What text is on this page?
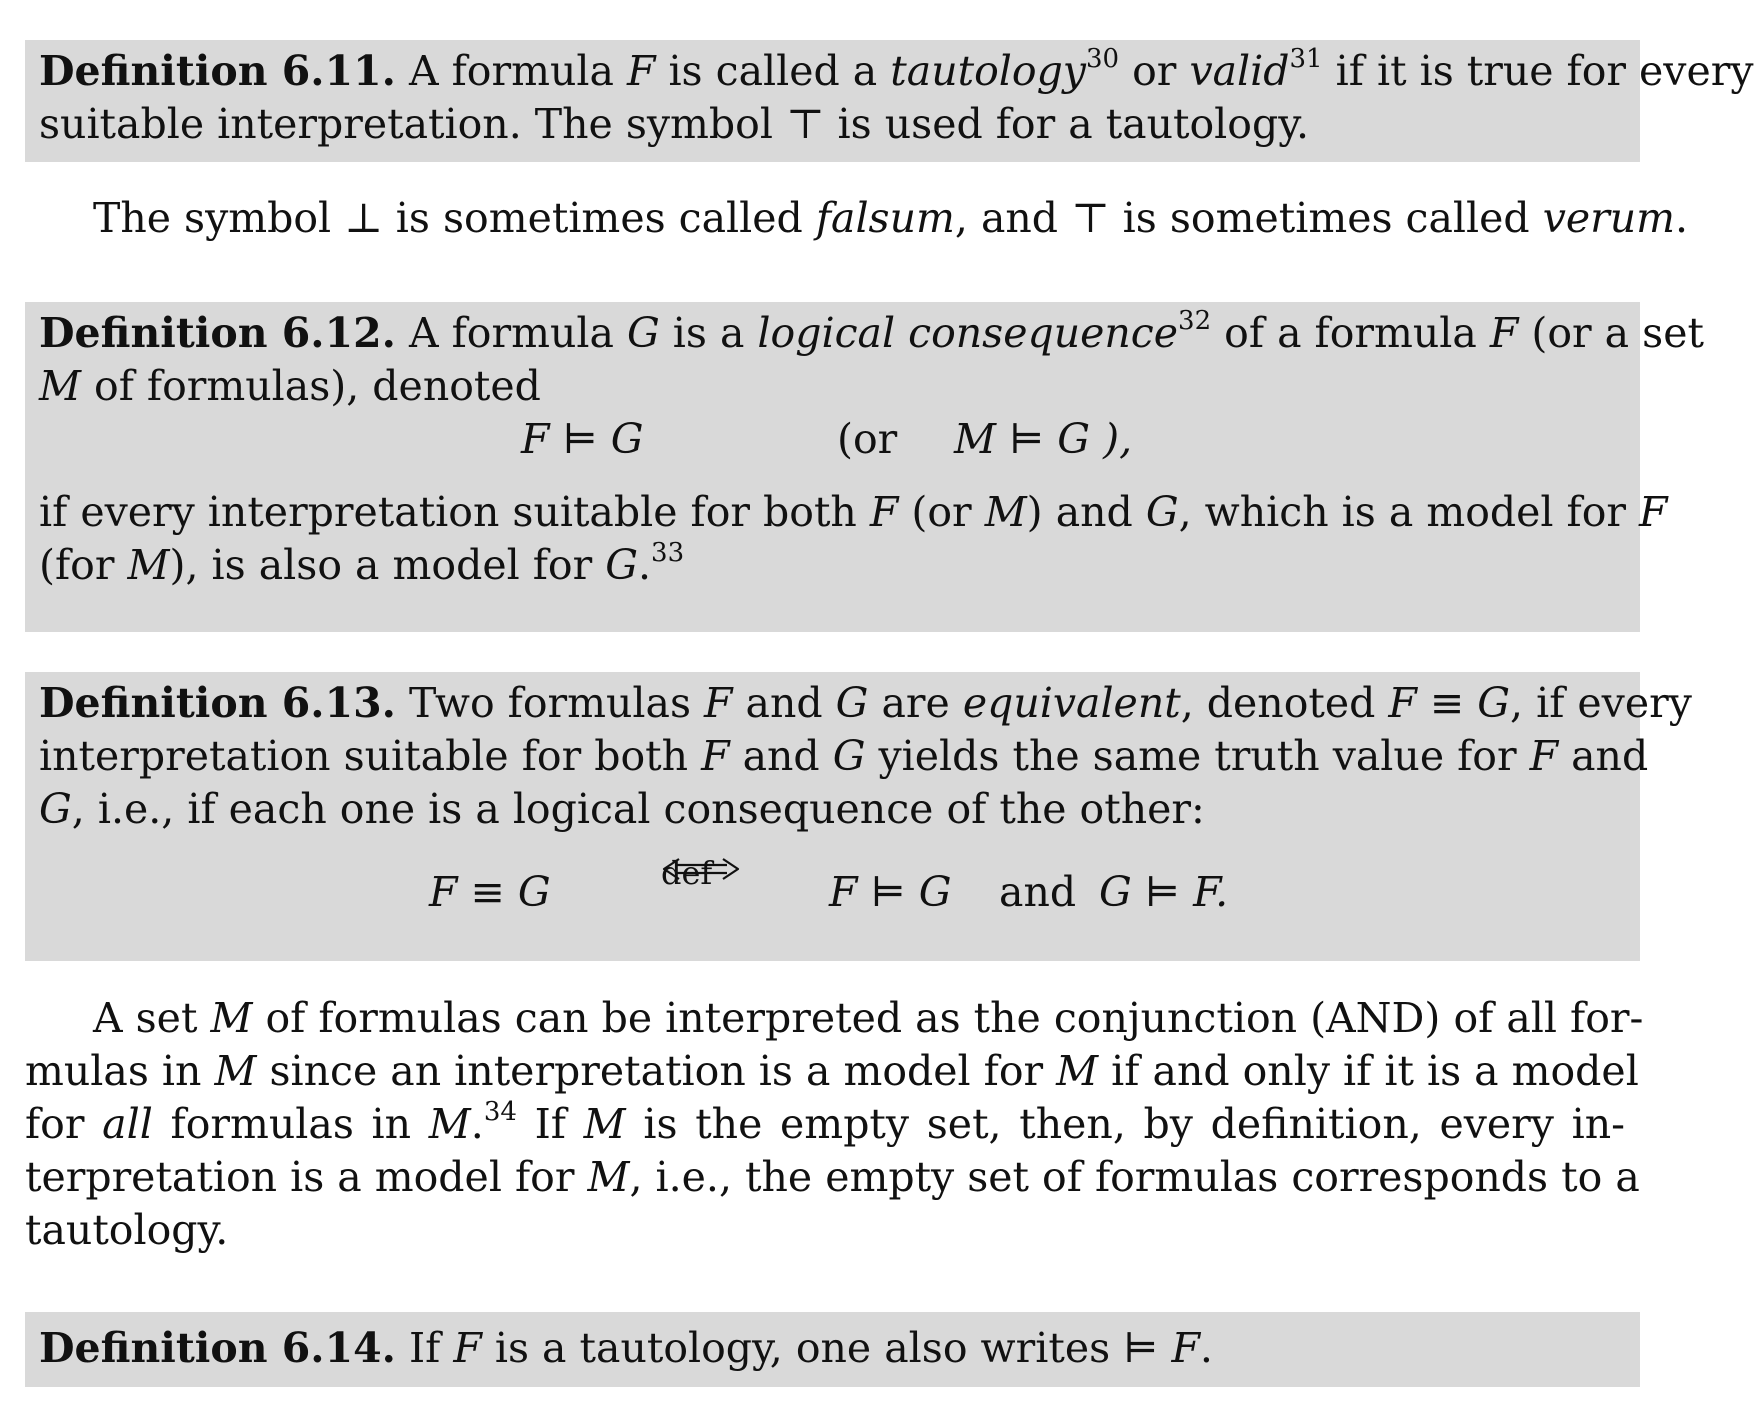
Definition 6.11. A formula F is called a tautology$^{30}$ or valid$^{31}$ if it is true for every
suitable interpretation. The symbol ⊤ is used for a tautology.
The symbol ⊥ is sometimes called falsum, and ⊤ is sometimes called verum.
Definition 6.12. A formula G is a logical consequence$^{32}$ of a formula F (or a set
M of formulas), denoted
F ⊨ G	(or M ⊨ G ),
if every interpretation suitable for both F (or M) and G, which is a model for F
(for M), is also a model for G.$^{33}$
Definition 6.13. Two formulas F and G are equivalent, denoted F ≡ G, if every
interpretation suitable for both F and G yields the same truth value for F and
G, i.e., if each one is a logical consequence of the other:
F ≡ G	def	F ⊨ G and G ⊨ F.
A set M of formulas can be interpreted as the conjunction (AND) of all for-
mulas in M since an interpretation is a model for M if and only if it is a model
for all formulas in M.$^{34}$ If M is the empty set, then, by definition, every in-
terpretation is a model for M, i.e., the empty set of formulas corresponds to a
tautology.
Definition 6.14. If F is a tautology, one also writes ⊨ F.
